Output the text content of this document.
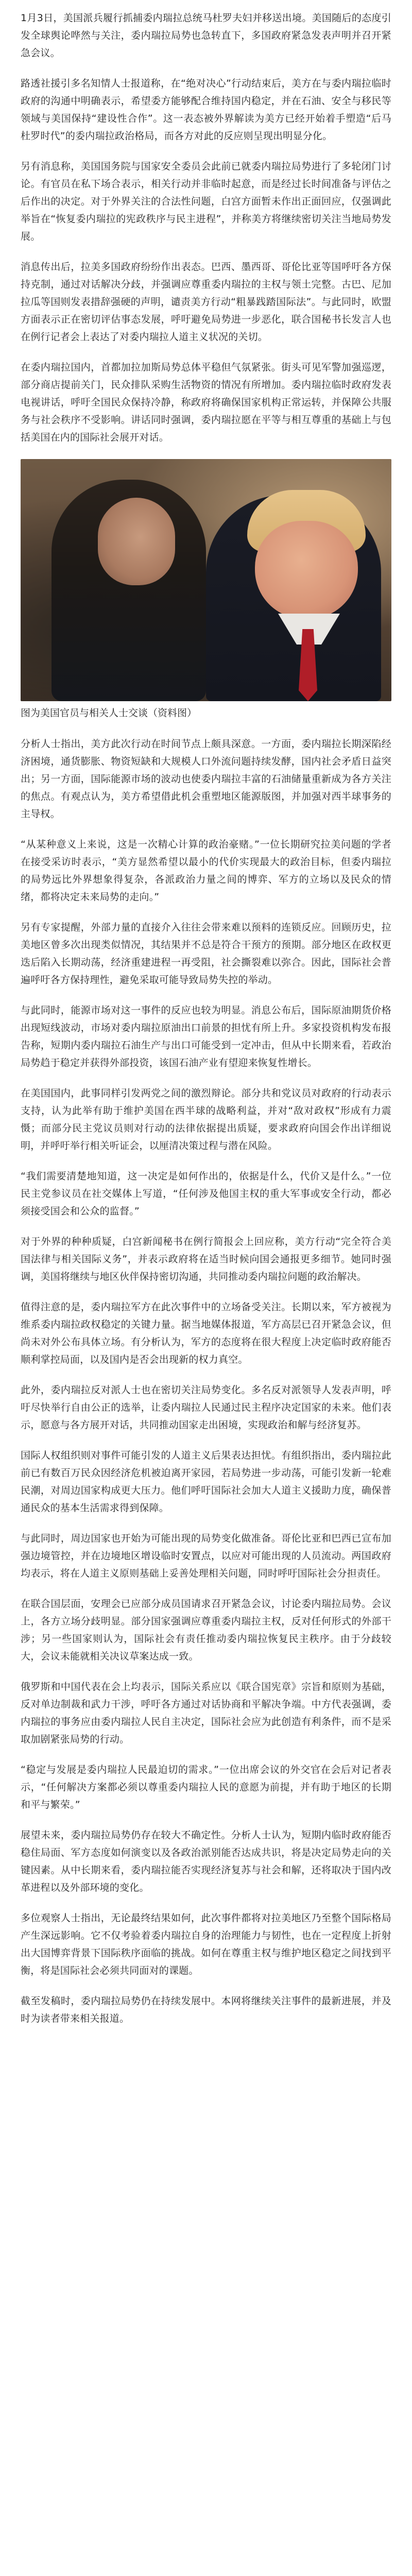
1月3日，美国派兵履行抓捕委内瑞拉总统马杜罗夫妇并移送出境。美国随后的态度引发全球舆论哗然与关注，委内瑞拉局势也急转直下，多国政府紧急发表声明并召开紧急会议。

路透社援引多名知情人士报道称，在“绝对决心”行动结束后，美方在与委内瑞拉临时政府的沟通中明确表示，希望委方能够配合维持国内稳定，并在石油、安全与移民等领域与美国保持“建设性合作”。这一表态被外界解读为美方已经开始着手塑造“后马杜罗时代”的委内瑞拉政治格局，而各方对此的反应则呈现出明显分化。

另有消息称，美国国务院与国家安全委员会此前已就委内瑞拉局势进行了多轮闭门讨论。有官员在私下场合表示，相关行动并非临时起意，而是经过长时间准备与评估之后作出的决定。对于外界关注的合法性问题，白宫方面暂未作出正面回应，仅强调此举旨在“恢复委内瑞拉的宪政秩序与民主进程”，并称美方将继续密切关注当地局势发展。

消息传出后，拉美多国政府纷纷作出表态。巴西、墨西哥、哥伦比亚等国呼吁各方保持克制，通过对话解决分歧，并强调应尊重委内瑞拉的主权与领土完整。古巴、尼加拉瓜等国则发表措辞强硬的声明，谴责美方行动“粗暴践踏国际法”。与此同时，欧盟方面表示正在密切评估事态发展，呼吁避免局势进一步恶化，联合国秘书长发言人也在例行记者会上表达了对委内瑞拉人道主义状况的关切。

在委内瑞拉国内，首都加拉加斯局势总体平稳但气氛紧张。街头可见军警加强巡逻，部分商店提前关门，民众排队采购生活物资的情况有所增加。委内瑞拉临时政府发表电视讲话，呼吁全国民众保持冷静，称政府将确保国家机构正常运转，并保障公共服务与社会秩序不受影响。讲话同时强调，委内瑞拉愿在平等与相互尊重的基础上与包括美国在内的国际社会展开对话。

图为美国官员与相关人士交谈（资料图）

分析人士指出，美方此次行动在时间节点上颇具深意。一方面，委内瑞拉长期深陷经济困境，通货膨胀、物资短缺和大规模人口外流问题持续发酵，国内社会矛盾日益突出；另一方面，国际能源市场的波动也使委内瑞拉丰富的石油储量重新成为各方关注的焦点。有观点认为，美方希望借此机会重塑地区能源版图，并加强对西半球事务的主导权。

“从某种意义上来说，这是一次精心计算的政治豪赌。”一位长期研究拉美问题的学者在接受采访时表示，“美方显然希望以最小的代价实现最大的政治目标，但委内瑞拉的局势远比外界想象得复杂，各派政治力量之间的博弈、军方的立场以及民众的情绪，都将决定未来局势的走向。”

另有专家提醒，外部力量的直接介入往往会带来难以预料的连锁反应。回顾历史，拉美地区曾多次出现类似情况，其结果并不总是符合干预方的预期。部分地区在政权更迭后陷入长期动荡，经济重建进程一再受阻，社会撕裂难以弥合。因此，国际社会普遍呼吁各方保持理性，避免采取可能导致局势失控的举动。

与此同时，能源市场对这一事件的反应也较为明显。消息公布后，国际原油期货价格出现短线波动，市场对委内瑞拉原油出口前景的担忧有所上升。多家投资机构发布报告称，短期内委内瑞拉石油生产与出口可能受到一定冲击，但从中长期来看，若政治局势趋于稳定并获得外部投资，该国石油产业有望迎来恢复性增长。

在美国国内，此事同样引发两党之间的激烈辩论。部分共和党议员对政府的行动表示支持，认为此举有助于维护美国在西半球的战略利益，并对“敌对政权”形成有力震慑；而部分民主党议员则对行动的法律依据提出质疑，要求政府向国会作出详细说明，并呼吁举行相关听证会，以厘清决策过程与潜在风险。

“我们需要清楚地知道，这一决定是如何作出的，依据是什么，代价又是什么。”一位民主党参议员在社交媒体上写道，“任何涉及他国主权的重大军事或安全行动，都必须接受国会和公众的监督。”

对于外界的种种质疑，白宫新闻秘书在例行简报会上回应称，美方行动“完全符合美国法律与相关国际义务”，并表示政府将在适当时候向国会通报更多细节。她同时强调，美国将继续与地区伙伴保持密切沟通，共同推动委内瑞拉问题的政治解决。

值得注意的是，委内瑞拉军方在此次事件中的立场备受关注。长期以来，军方被视为维系委内瑞拉政权稳定的关键力量。据当地媒体报道，军方高层已召开紧急会议，但尚未对外公布具体立场。有分析认为，军方的态度将在很大程度上决定临时政府能否顺利掌控局面，以及国内是否会出现新的权力真空。

此外，委内瑞拉反对派人士也在密切关注局势变化。多名反对派领导人发表声明，呼吁尽快举行自由公正的选举，让委内瑞拉人民通过民主程序决定国家的未来。他们表示，愿意与各方展开对话，共同推动国家走出困境，实现政治和解与经济复苏。

国际人权组织则对事件可能引发的人道主义后果表达担忧。有组织指出，委内瑞拉此前已有数百万民众因经济危机被迫离开家园，若局势进一步动荡，可能引发新一轮难民潮，对周边国家构成更大压力。他们呼吁国际社会加大人道主义援助力度，确保普通民众的基本生活需求得到保障。

与此同时，周边国家也开始为可能出现的局势变化做准备。哥伦比亚和巴西已宣布加强边境管控，并在边境地区增设临时安置点，以应对可能出现的人员流动。两国政府均表示，将在人道主义原则基础上妥善处理相关问题，同时呼吁国际社会分担责任。

在联合国层面，安理会已应部分成员国请求召开紧急会议，讨论委内瑞拉局势。会议上，各方立场分歧明显。部分国家强调应尊重委内瑞拉主权，反对任何形式的外部干涉；另一些国家则认为，国际社会有责任推动委内瑞拉恢复民主秩序。由于分歧较大，会议未能就相关决议草案达成一致。

俄罗斯和中国代表在会上均表示，国际关系应以《联合国宪章》宗旨和原则为基础，反对单边制裁和武力干涉，呼吁各方通过对话协商和平解决争端。中方代表强调，委内瑞拉的事务应由委内瑞拉人民自主决定，国际社会应为此创造有利条件，而不是采取加剧紧张局势的行动。

“稳定与发展是委内瑞拉人民最迫切的需求。”一位出席会议的外交官在会后对记者表示，“任何解决方案都必须以尊重委内瑞拉人民的意愿为前提，并有助于地区的长期和平与繁荣。”

展望未来，委内瑞拉局势仍存在较大不确定性。分析人士认为，短期内临时政府能否稳住局面、军方态度如何演变以及各政治派别能否达成共识，将是决定局势走向的关键因素。从中长期来看，委内瑞拉能否实现经济复苏与社会和解，还将取决于国内改革进程以及外部环境的变化。

多位观察人士指出，无论最终结果如何，此次事件都将对拉美地区乃至整个国际格局产生深远影响。它不仅考验着委内瑞拉自身的治理能力与韧性，也在一定程度上折射出大国博弈背景下国际秩序面临的挑战。如何在尊重主权与维护地区稳定之间找到平衡，将是国际社会必须共同面对的课题。

截至发稿时，委内瑞拉局势仍在持续发展中。本网将继续关注事件的最新进展，并及时为读者带来相关报道。
